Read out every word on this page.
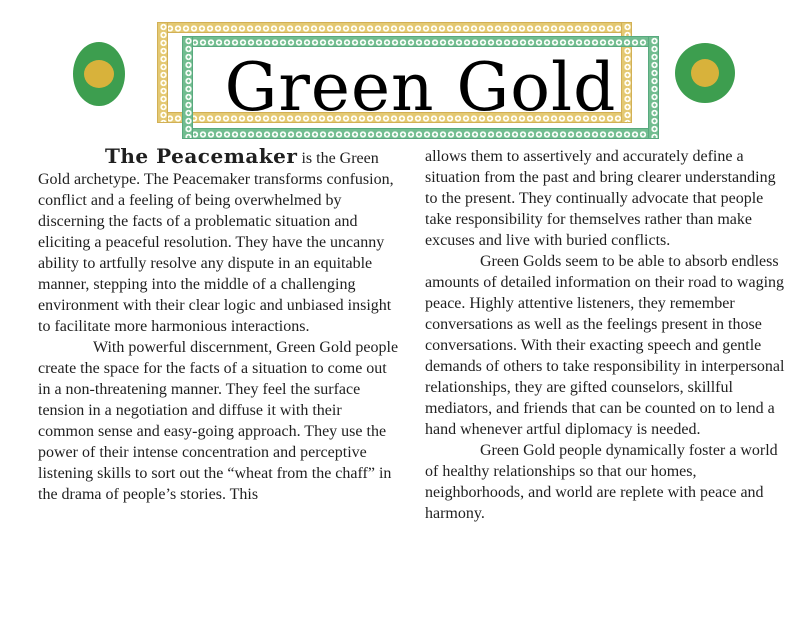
Green Gold

The Peacemaker is the Green Gold archetype. The Peacemaker transforms confusion, conflict and a feeling of being overwhelmed by discerning the facts of a problematic situation and eliciting a peaceful resolution. They have the uncanny ability to artfully resolve any dispute in an equitable manner, stepping into the middle of a challenging environment with their clear logic and unbiased insight to facilitate more harmonious interactions.

With powerful discernment, Green Gold people create the space for the facts of a situation to come out in a non-threatening manner. They feel the surface tension in a negotiation and diffuse it with their common sense and easy-going approach. They use the power of their intense concentration and perceptive listening skills to sort out the “wheat from the chaff” in the drama of people’s stories. This

allows them to assertively and accurately define a situation from the past and bring clearer understanding to the present. They continually advocate that people take responsibility for themselves rather than make excuses and live with buried conflicts.

Green Golds seem to be able to absorb endless amounts of detailed information on their road to waging peace. Highly attentive listeners, they remember conversations as well as the feelings present in those conversations. With their exacting speech and gentle demands of others to take responsibility in interpersonal relationships, they are gifted counselors, skillful mediators, and friends that can be counted on to lend a hand whenever artful diplomacy is needed.

Green Gold people dynamically foster a world of healthy relationships so that our homes, neighborhoods, and world are replete with peace and harmony.
